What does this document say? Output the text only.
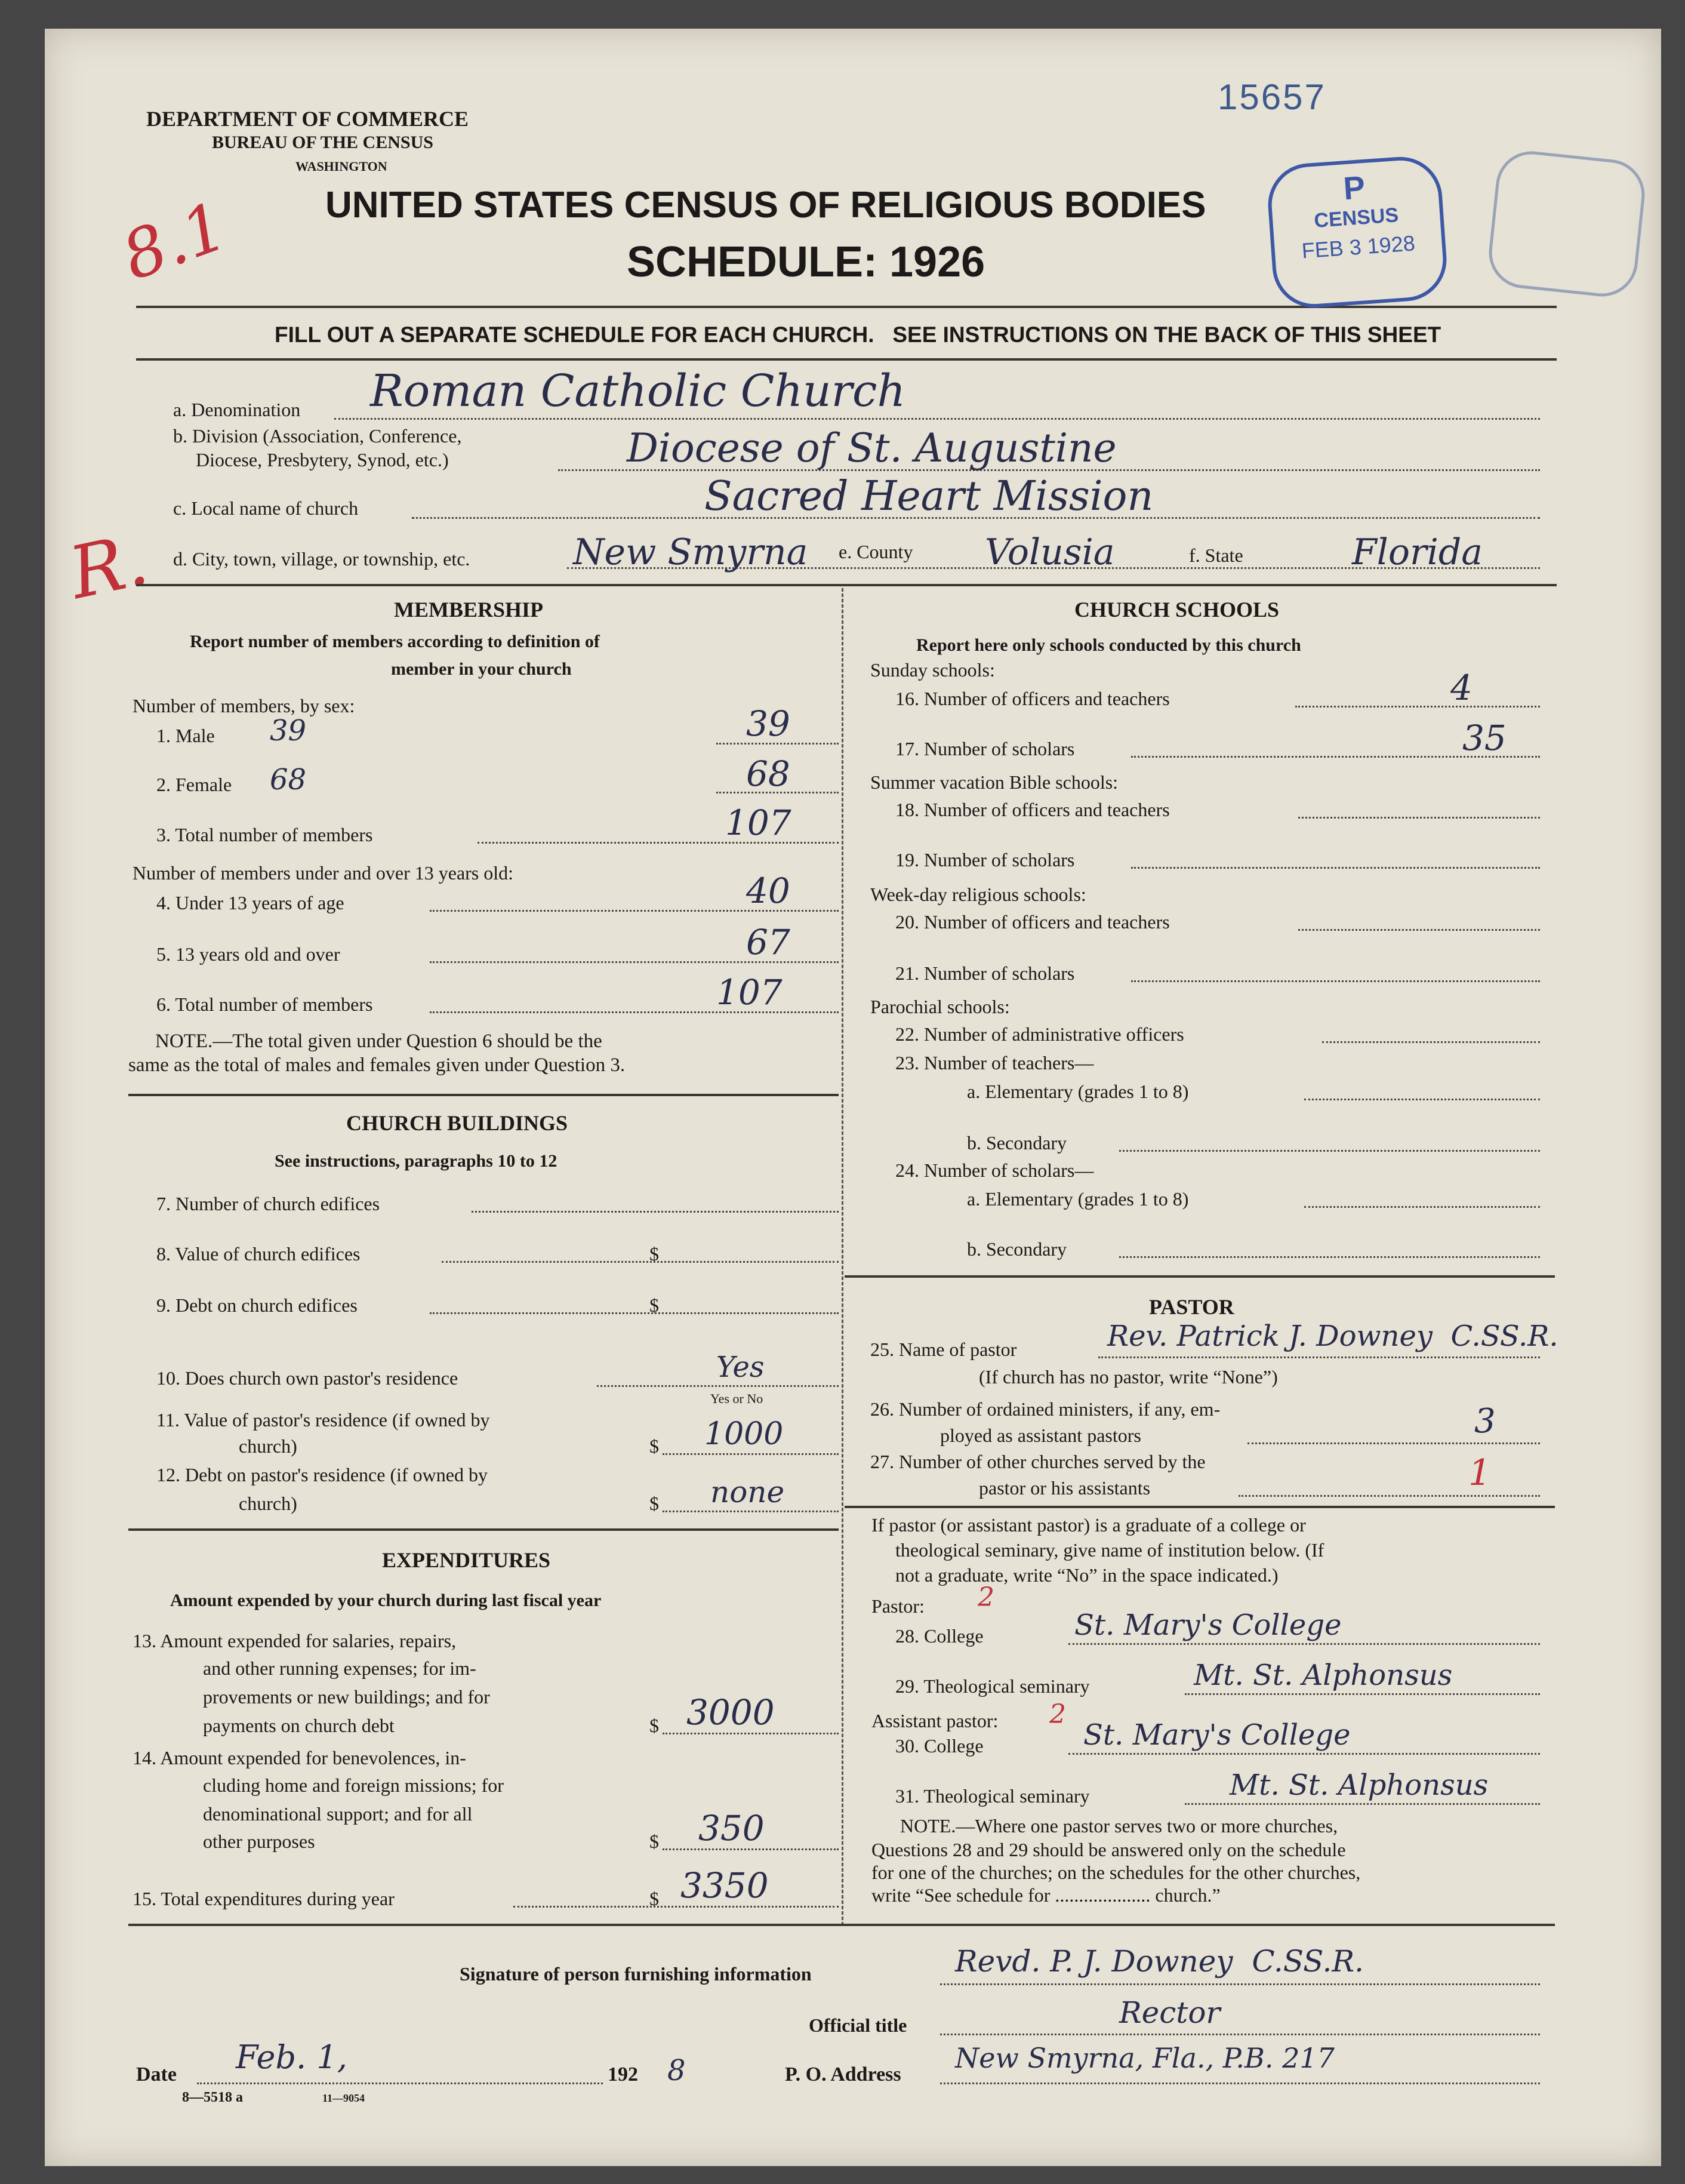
15657
DEPARTMENT OF COMMERCE
BUREAU OF THE CENSUS
WASHINGTON
UNITED STATES CENSUS OF RELIGIOUS BODIES
SCHEDULE: 1926
FILL OUT A SEPARATE SCHEDULE FOR EACH CHURCH.   SEE INSTRUCTIONS ON THE BACK OF THIS SHEET
P
CENSUS
FEB 3 1928
8.1
R.
a. Denomination Roman Catholic Church
b. Division (Association, Conference,
Diocese, Presbytery, Synod, etc.)	Diocese of St. Augustine
c. Local name of church	Sacred Heart Mission
d. City, town, village, or township, etc.	New Smyrna e. County Volusia	f. State	Florida
MEMBERSHIP
Report number of members according to definition of
member in your church
Number of members, by sex:
1. Male 39	39
2. Female 68	68
3. Total number of members	107
Number of members under and over 13 years old:
4. Under 13 years of age	40
5. 13 years old and over	67
6. Total number of members	107
NOTE.—The total given under Question 6 should be the
same as the total of males and females given under Question 3.
CHURCH BUILDINGS
See instructions, paragraphs 10 to 12
7. Number of church edifices
8. Value of church edifices	$
9. Debt on church edifices	$
10. Does church own pastor's residence	Yes
Yes or No
11. Value of pastor's residence (if owned by
church)	$ 1000
12. Debt on pastor's residence (if owned by
church)	$ none
EXPENDITURES
Amount expended by your church during last fiscal year
13. Amount expended for salaries, repairs,
and other running expenses; for im-
provements or new buildings; and for
payments on church debt	$ 3000
14. Amount expended for benevolences, in-
cluding home and foreign missions; for
denominational support; and for all
other purposes	$ 350
15. Total expenditures during year	$ 3350
CHURCH SCHOOLS
Report here only schools conducted by this church
Sunday schools:
16. Number of officers and teachers	4
17. Number of scholars	35
Summer vacation Bible schools:
18. Number of officers and teachers
19. Number of scholars
Week-day religious schools:
20. Number of officers and teachers
21. Number of scholars
Parochial schools:
22. Number of administrative officers
23. Number of teachers—
a. Elementary (grades 1 to 8)
b. Secondary
24. Number of scholars—
a. Elementary (grades 1 to 8)
b. Secondary
PASTOR
25. Name of pastor	Rev. Patrick J. Downey  C.SS.R.
(If church has no pastor, write “None”)
26. Number of ordained ministers, if any, em-
ployed as assistant pastors	3
27. Number of other churches served by the
pastor or his assistants	1
If pastor (or assistant pastor) is a graduate of a college or
theological seminary, give name of institution below. (If
not a graduate, write “No” in the space indicated.)
Pastor: 2
28. College	St. Mary's College
29. Theological seminary	Mt. St. Alphonsus
Assistant pastor: 2
30. College	St. Mary's College
31. Theological seminary	Mt. St. Alphonsus
NOTE.—Where one pastor serves two or more churches,
Questions 28 and 29 should be answered only on the schedule
for one of the churches; on the schedules for the other churches,
write “See schedule for .................... church.”
Signature of person furnishing information	Revd. P. J. Downey  C.SS.R.
Official title	Rector
Date Feb. 1,	192 8	P. O. Address
New Smyrna, Fla., P.B. 217
8—5518 a	11—9054
